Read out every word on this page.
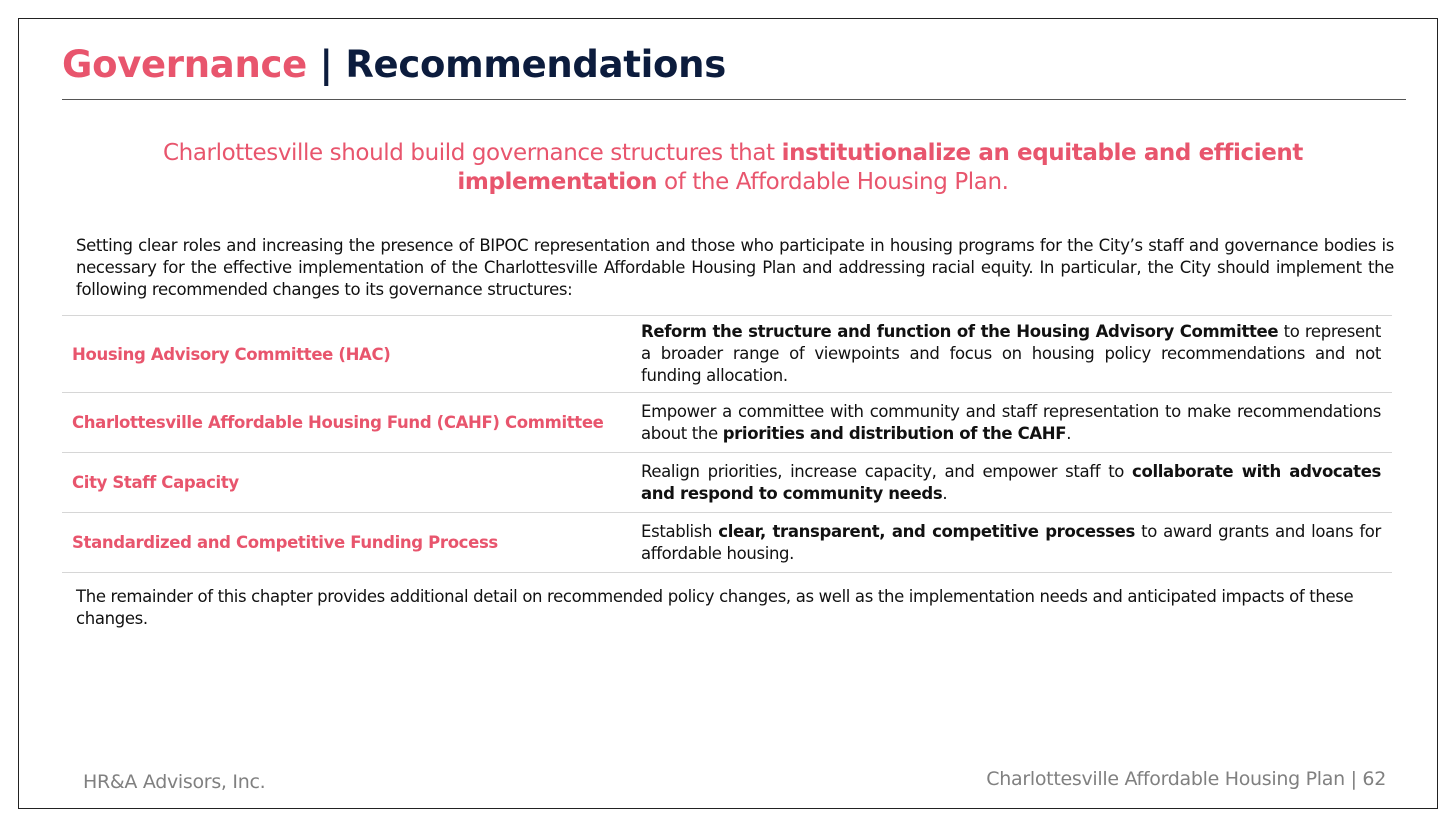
Governance | Recommendations

Charlottesville should build governance structures that institutionalize an equitable and efficient implementation of the Affordable Housing Plan.

Setting clear roles and increasing the presence of BIPOC representation and those who participate in housing programs for the City’s staff and governance bodies is necessary for the effective implementation of the Charlottesville Affordable Housing Plan and addressing racial equity. In particular, the City should implement the following recommended changes to its governance structures:

Housing Advisory Committee (HAC)
Reform the structure and function of the Housing Advisory Committee to represent a broader range of viewpoints and focus on housing policy recommendations and not funding allocation.
Charlottesville Affordable Housing Fund (CAHF) Committee
Empower a committee with community and staff representation to make recommendations about the priorities and distribution of the CAHF.
City Staff Capacity
Realign priorities, increase capacity, and empower staff to collaborate with advocates and respond to community needs.
Standardized and Competitive Funding Process
Establish clear, transparent, and competitive processes to award grants and loans for affordable housing.

The remainder of this chapter provides additional detail on recommended policy changes, as well as the implementation needs and anticipated impacts of these changes.

HR&A Advisors, Inc.	Charlottesville Affordable Housing Plan | 62
